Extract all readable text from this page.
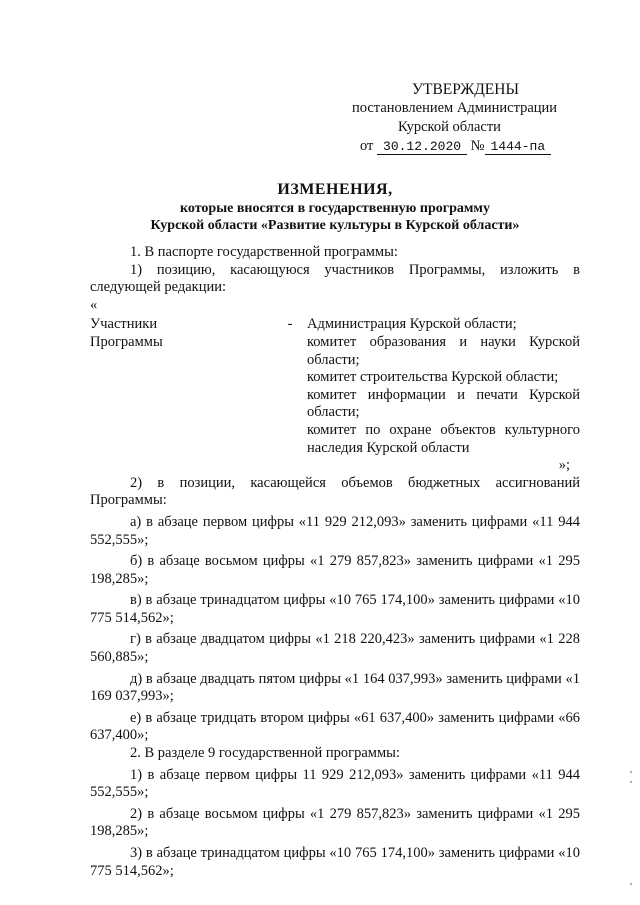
УТВЕРЖДЕНЫ
постановлением Администрации
Курской области
от 30.12.2020 № 1444-па
ИЗМЕНЕНИЯ,
которые вносятся в государственную программу
Курской области «Развитие культуры в Курской области»
1. В паспорте государственной программы:
1) позицию, касающуюся участников Программы, изложить в
следующей редакции:
«
Участники
Программы
-	Администрация Курской области;
комитет образования и науки Курской области;
комитет строительства Курской области;
комитет информации и печати Курской области;
комитет по охране объектов культурного наследия Курской области
»;
2) в позиции, касающейся объемов бюджетных ассигнований Программы:
а) в абзаце первом цифры «11 929 212,093» заменить цифрами «11 944 552,555»;
б) в абзаце восьмом цифры «1 279 857,823» заменить цифрами «1 295 198,285»;
в) в абзаце тринадцатом цифры «10 765 174,100» заменить цифрами «10 775 514,562»;
г) в абзаце двадцатом цифры «1 218 220,423» заменить цифрами «1 228 560,885»;
д) в абзаце двадцать пятом цифры «1 164 037,993» заменить цифрами «1 169 037,993»;
е) в абзаце тридцать втором цифры «61 637,400» заменить цифрами «66 637,400»;
2. В разделе 9 государственной программы:
1) в абзаце первом цифры 11 929 212,093» заменить цифрами «11 944 552,555»;
2) в абзаце восьмом цифры «1 279 857,823» заменить цифрами «1 295 198,285»;
3) в абзаце тринадцатом цифры «10 765 174,100» заменить цифрами «10 775 514,562»;
